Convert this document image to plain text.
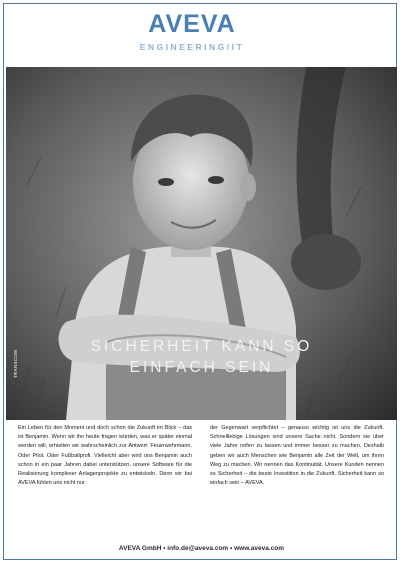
AVEVA
ENGINEERING/IT
SICHERHEIT KANN SO
EINFACH SEIN
TRANSCOM
Ein Leben für den Moment und doch schon die Zukunft im Blick – das ist Benjamin. Wenn wir ihn heute fragen würden, was er später einmal werden will, erhielten wir wahrscheinlich zur Antwort: Feuerwehrmann. Oder Pilot. Oder Fußballprofi. Vielleicht aber wird uns Benjamin auch schon in ein paar Jahren dabei unterstützen, unsere Software für die Realisierung komplexer Anlagenprojekte zu entwickeln. Denn wir bei AVEVA fühlen uns nicht nur
der Gegenwart verpflichtet – genauso wichtig ist uns die Zukunft. Schnelllebige Lösungen sind unsere Sache nicht. Sondern sie über viele Jahre reifen zu lassen und immer besser zu machen. Deshalb geben wir auch Menschen wie Benjamin alle Zeit der Welt, um ihren Weg zu machen. Wir nennen das Kontinuität. Unsere Kunden nennen es Sicherheit – die beste Investition in die Zukunft. Sicherheit kann so einfach sein – AVEVA.
AVEVA GmbH • info.de@aveva.com • www.aveva.com
